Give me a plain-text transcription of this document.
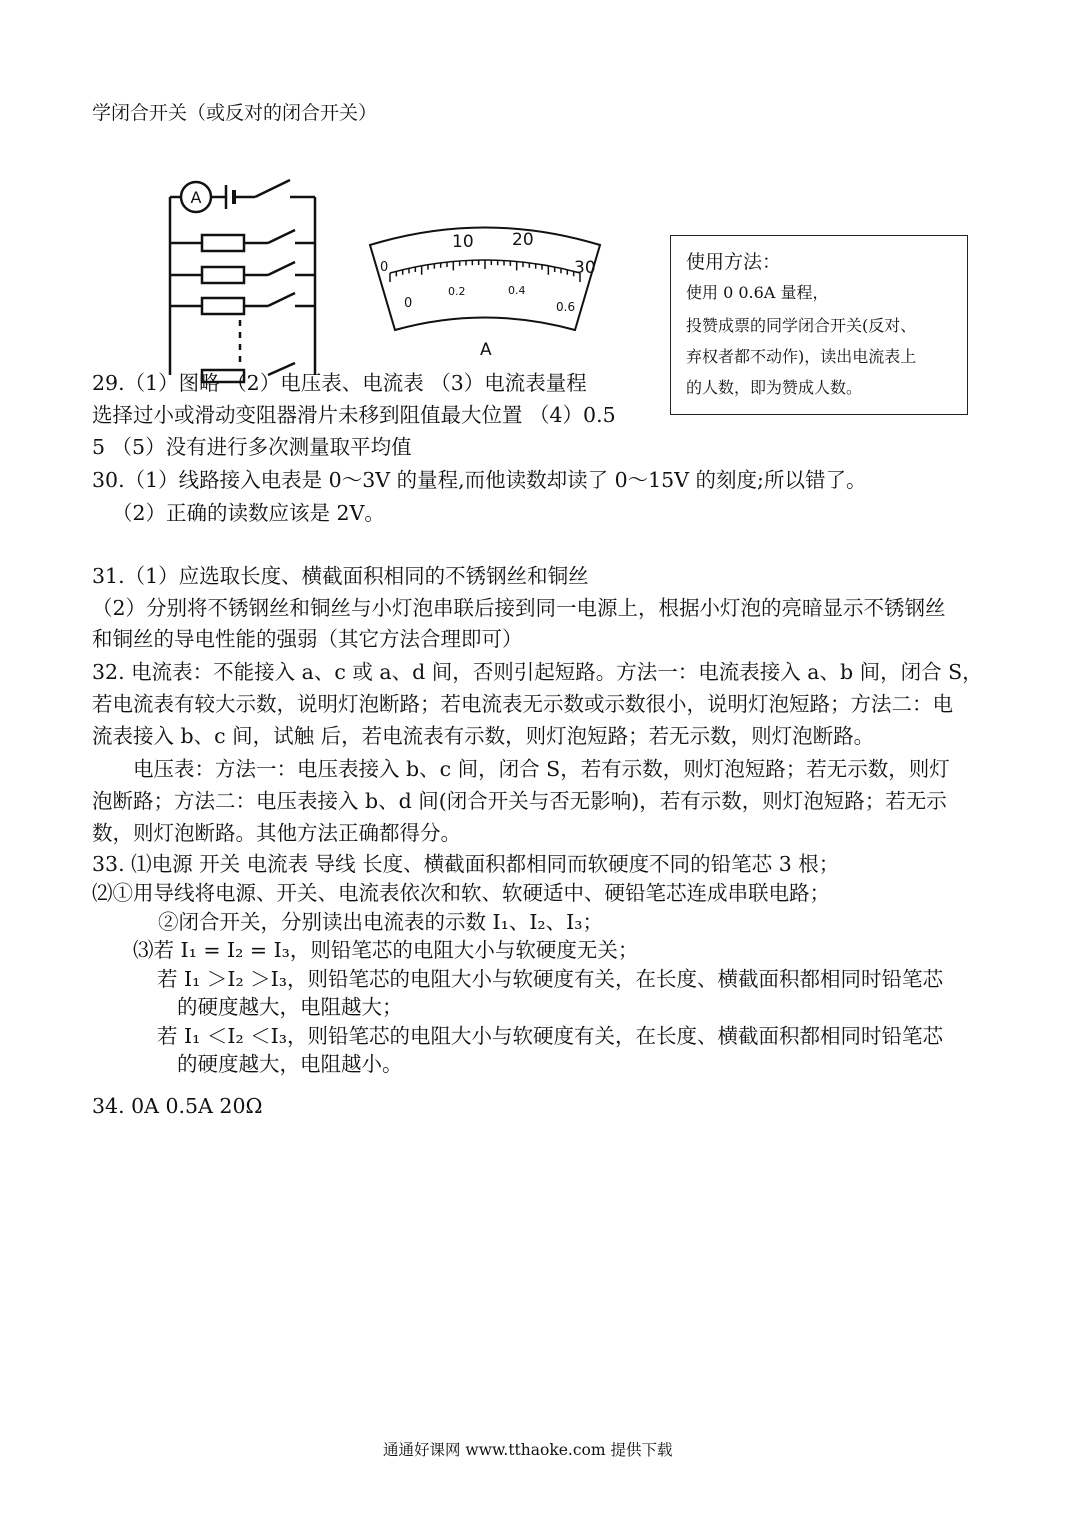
学闭合开关（或反对的闭合开关）
A
0
10 20
30
0
0.2	0.4
0.6
A
使用方法：
使用 0 0.6A 量程，
投赞成票的同学闭合开关(反对、
弃权者都不动作)，读出电流表上
的人数，即为赞成人数。
29.（1）图略 （2）电压表、电流表 （3）电流表量程
选择过小或滑动变阻器滑片未移到阻值最大位置 （4）0.5
5 （5）没有进行多次测量取平均值
30.（1）线路接入电表是 0～3V 的量程,而他读数却读了 0～15V 的刻度;所以错了。
（2）正确的读数应该是 2V。
31.（1）应选取长度、横截面积相同的不锈钢丝和铜丝
（2）分别将不锈钢丝和铜丝与小灯泡串联后接到同一电源上，根据小灯泡的亮暗显示不锈钢丝
和铜丝的导电性能的强弱（其它方法合理即可）
32. 电流表：不能接入 a、c 或 a、d 间，否则引起短路。方法一：电流表接入 a、b 间，闭合 S，
若电流表有较大示数，说明灯泡断路；若电流表无示数或示数很小，说明灯泡短路；方法二：电
流表接入 b、c 间，试触 后，若电流表有示数，则灯泡短路；若无示数，则灯泡断路。
电压表：方法一：电压表接入 b、c 间，闭合 S，若有示数，则灯泡短路；若无示数，则灯
泡断路；方法二：电压表接入 b、d 间(闭合开关与否无影响)，若有示数，则灯泡短路；若无示
数，则灯泡断路。其他方法正确都得分。
33. ⑴电源 开关 电流表 导线 长度、横截面积都相同而软硬度不同的铅笔芯 3 根；
⑵①用导线将电源、开关、电流表依次和软、软硬适中、硬铅笔芯连成串联电路；
②闭合开关，分别读出电流表的示数 I₁、I₂、I₃；
⑶若 I₁ = I₂ = I₃，则铅笔芯的电阻大小与软硬度无关；
若 I₁ ＞I₂ ＞I₃，则铅笔芯的电阻大小与软硬度有关，在长度、横截面积都相同时铅笔芯
的硬度越大，电阻越大；
若 I₁ ＜I₂ ＜I₃，则铅笔芯的电阻大小与软硬度有关，在长度、横截面积都相同时铅笔芯
的硬度越大，电阻越小。
34. 0A 0.5A 20Ω
通通好课网 www.tthaoke.com 提供下载
